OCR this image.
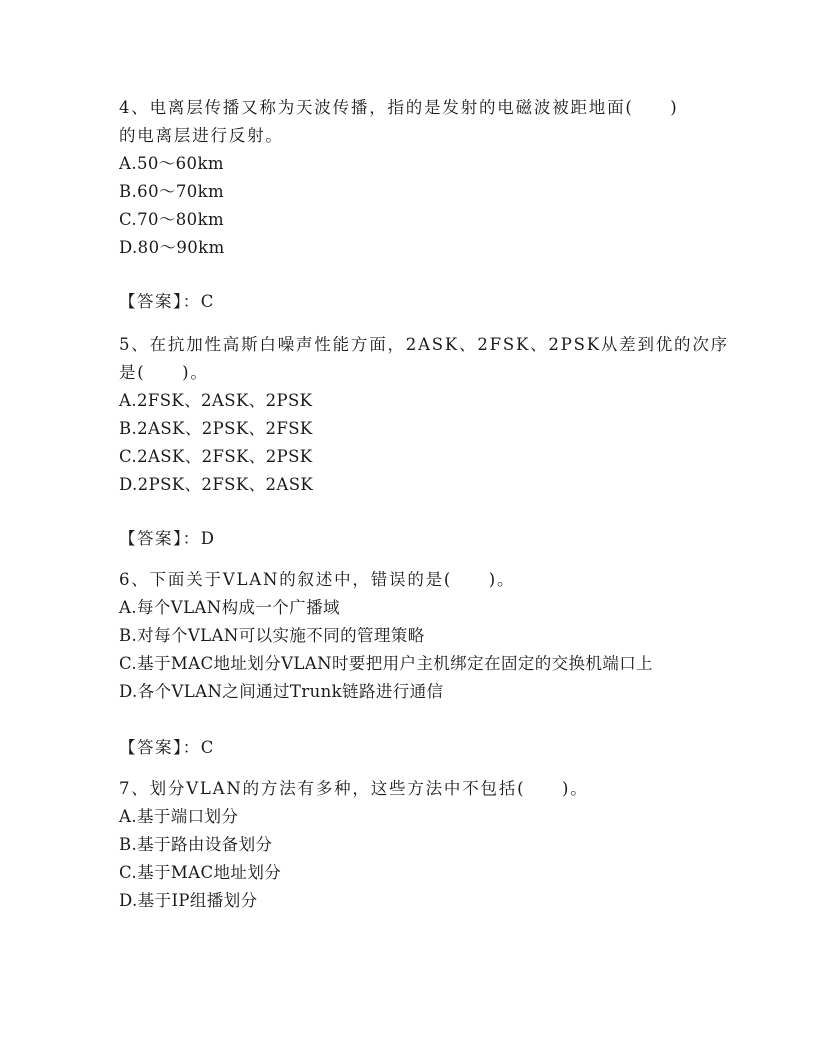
4、电离层传播又称为天波传播，指的是发射的电磁波被距地面(　　)
的电离层进行反射。
A.50～60km
B.60～70km
C.70～80km
D.80～90km
【答案】：C
5、在抗加性高斯白噪声性能方面，2ASK、2FSK、2PSK从差到优的次序
是(　　)。
A.2FSK、2ASK、2PSK
B.2ASK、2PSK、2FSK
C.2ASK、2FSK、2PSK
D.2PSK、2FSK、2ASK
【答案】：D
6、下面关于VLAN的叙述中，错误的是(　　)。
A.每个VLAN构成一个广播域
B.对每个VLAN可以实施不同的管理策略
C.基于MAC地址划分VLAN时要把用户主机绑定在固定的交换机端口上
D.各个VLAN之间通过Trunk链路进行通信
【答案】：C
7、划分VLAN的方法有多种，这些方法中不包括(　　)。
A.基于端口划分
B.基于路由设备划分
C.基于MAC地址划分
D.基于IP组播划分
